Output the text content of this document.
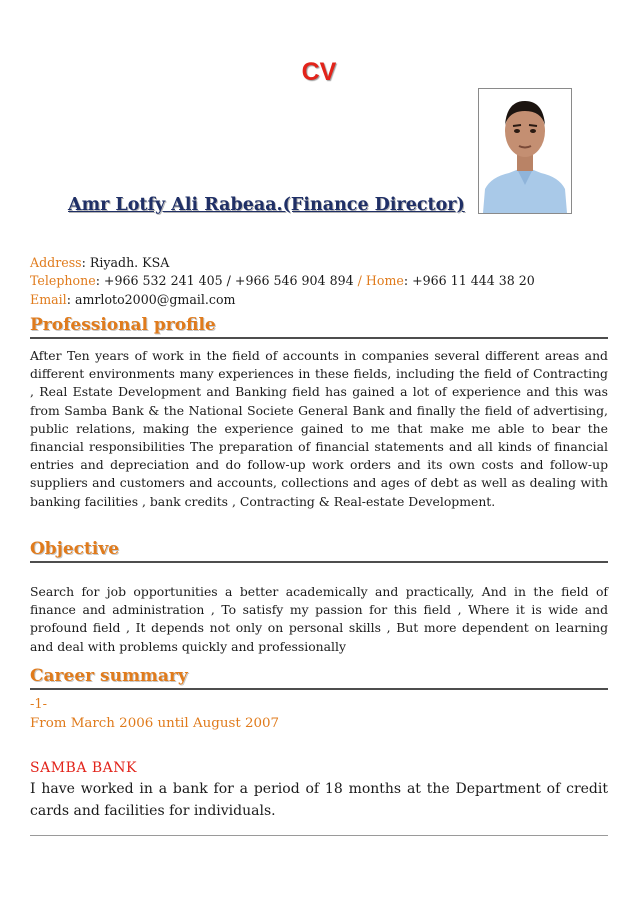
CV
Amr Lotfy Ali Rabeaa.(Finance Director)
Address: Riyadh. KSA
Telephone: +966 532 241 405 / +966 546 904 894 / Home: +966 11 444 38 20
Email: amrloto2000@gmail.com
Professional profile
After Ten years of work in the field of accounts in companies several different areas and different environments many experiences in these fields, including the field of Contracting , Real Estate Development and Banking field has gained a lot of experience and this was from Samba Bank & the National Societe General Bank and finally the field of advertising, public relations, making the experience gained to me that make me able to bear the financial responsibilities The preparation of financial statements and all kinds of financial entries and depreciation and do follow-up work orders and its own costs and follow-up suppliers and customers and accounts, collections and ages of debt as well as dealing with banking facilities , bank credits , Contracting & Real-estate Development.
Objective
Search for job opportunities a better academically and practically, And in the field of finance and administration , To satisfy my passion for this field , Where it is wide and profound field , It depends not only on personal skills , But more dependent on learning and deal with problems quickly and professionally
Career summary
-1-
From March 2006 until August 2007
SAMBA BANK
I have worked in a bank for a period of 18 months at the Department of credit cards and facilities for individuals.
